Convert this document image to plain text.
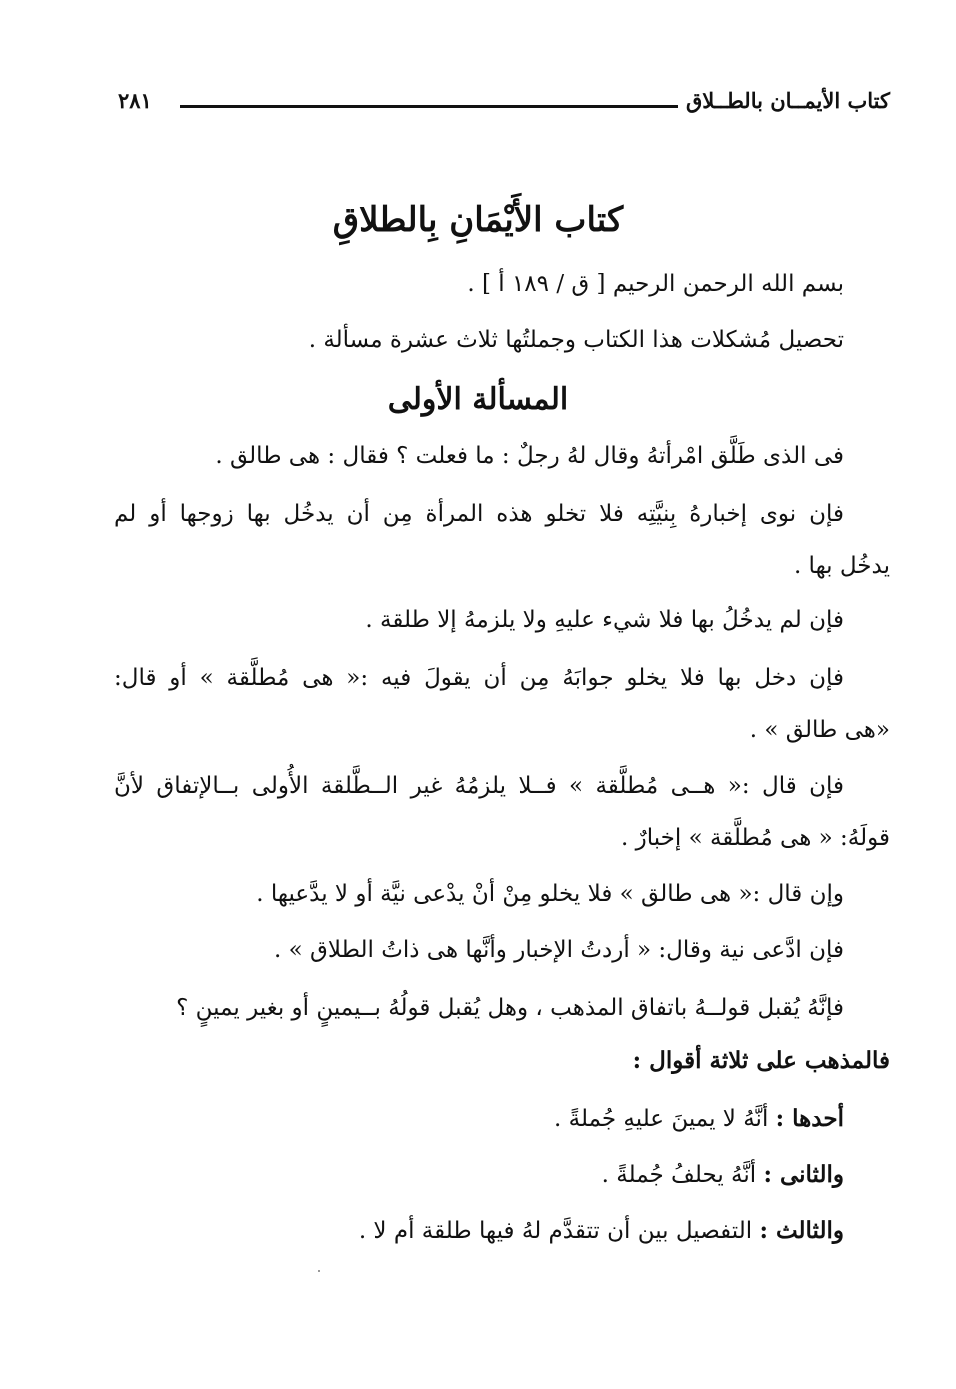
كتاب الأيمــان بالطــلاق
٢٨١
كتاب الأَيْمَانِ بِالطلاقِ
بسم الله الرحمن الرحيم [ ق / ١٨٩ أ ] .
تحصيل مُشكلات هذا الكتاب وجملتُها ثلاث عشرة مسألة .
المسألة الأولى
فى الذى طَلَّق امْرأتهُ وقال لهُ رجلٌ : ما فعلت ؟ فقال : هى طالق .
فإن نوى إخبارهُ بِنيَّتِه فلا تخلو هذه المرأة مِن أن يدخُل بها زوجها أو لم
يدخُل بها .
فإن لم يدخُلُ بها فلا شيء عليهِ ولا يلزمهُ إلا طلقة .
فإن دخل بها فلا يخلو جوابَهُ مِن أن يقولَ فيه :« هى مُطلَّقة » أو قال:
«هى طالق » .
فإن قال :« هــى مُطلَّقة » فــلا يلزمُهُ غير الــطَّلقة الأُولى بــالإتفاق لأنَّ
قولَهُ: « هى مُطلَّقة » إخبارٌ .
وإن قال :« هى طالق » فلا يخلو مِنْ أنْ يدْعى نيَّة أو لا يدَّعيها .
فإن ادَّعى نية وقال: « أردتُ الإخبار وأنَّها هى ذاتُ الطلاق » .
فإنَّهُ يُقبل قولــهُ باتفاق المذهب ، وهل يُقبل قولُهُ بــيمينٍ أو بغير يمينٍ ؟
فالمذهب على ثلاثة أقوال :
أحدها : أنَّهُ لا يمينَ عليهِ جُملةً .
والثانى : أنَّهُ يحلفُ جُملةً .
والثالث : التفصيل بين أن تتقدَّم لهُ فيها طلقة أم لا .
